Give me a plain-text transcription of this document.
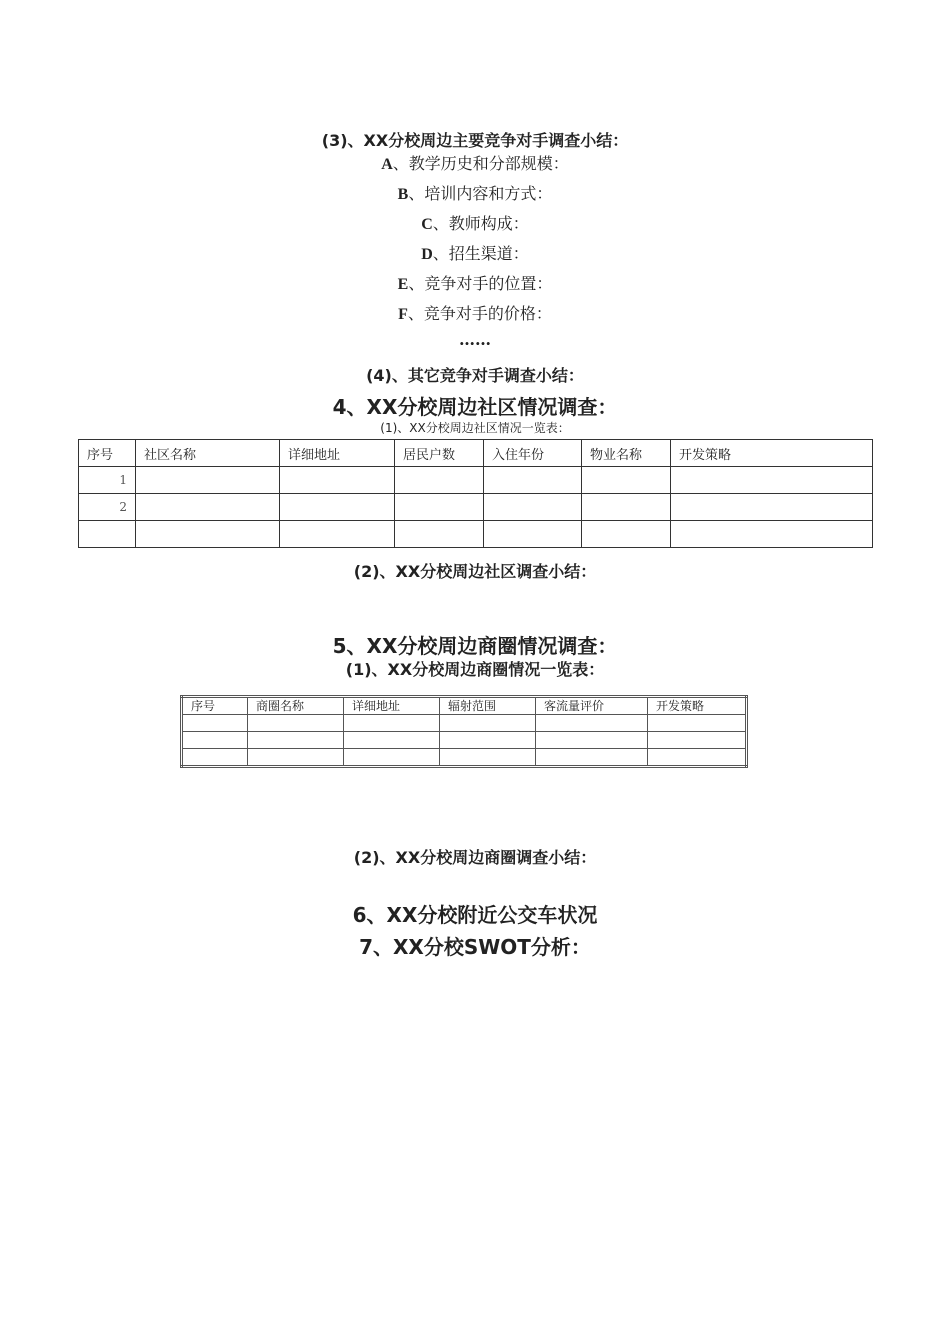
(3)、XX分校周边主要竞争对手调查小结：
A、教学历史和分部规模：
B、培训内容和方式：
C、教师构成：
D、招生渠道：
E、竞争对手的位置：
F、竞争对手的价格：
……
(4)、其它竞争对手调查小结：
4、XX分校周边社区情况调查：
(1)、XX分校周边社区情况一览表：
序号	社区名称	详细地址	居民户数	入住年份	物业名称	开发策略
1						
2						

(2)、XX分校周边社区调查小结：
5、XX分校周边商圈情况调查：
(1)、XX分校周边商圈情况一览表：
序号	商圈名称	详细地址	辐射范围	客流量评价	开发策略

(2)、XX分校周边商圈调查小结：
6、XX分校附近公交车状况
7、XX分校SWOT分析：
